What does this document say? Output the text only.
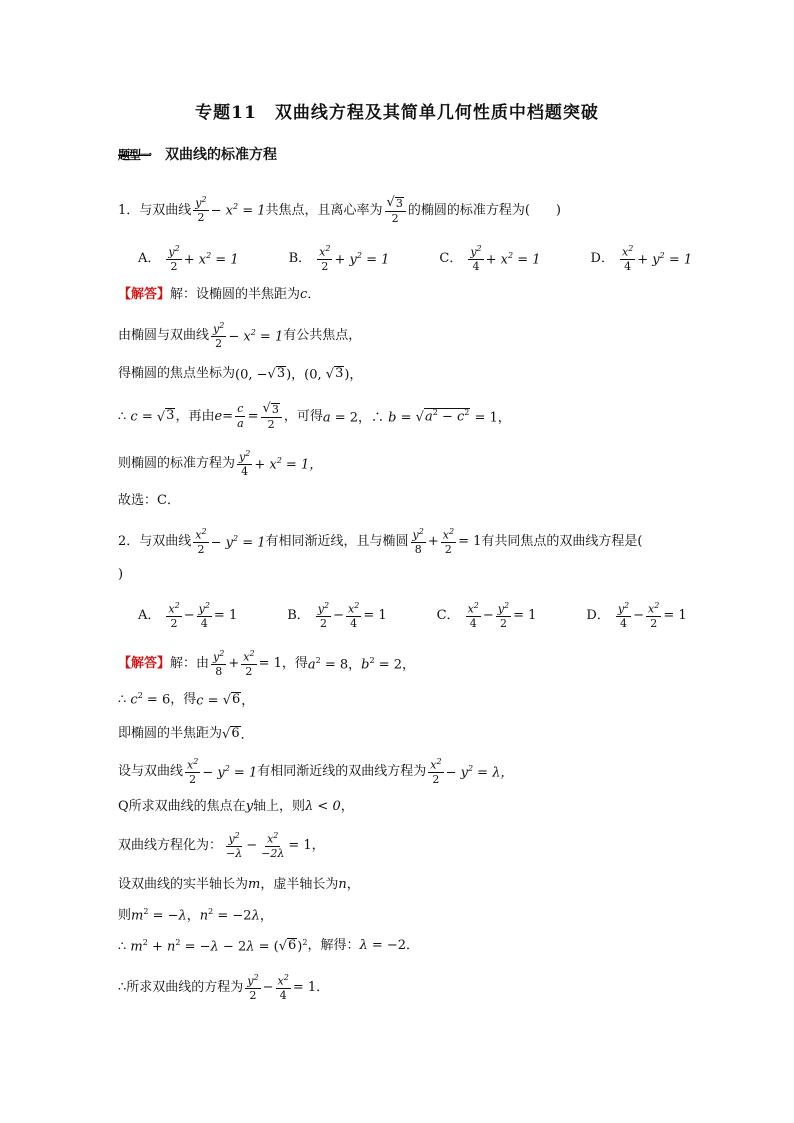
专题11　双曲线方程及其简单几何性质中档题突破
题型一 双曲线的标准方程
1． 与双曲线 $\frac{y^2}{2} - x^2 = 1$ 共焦点，且离心率为 $\frac{√ 3}{2}$ 的椭圆的标准方程为(　　)
A． $\frac{y^2}{2} + x^2 = 1$	B． $\frac{x^2}{2} + y^2 = 1$	C． $\frac{y^2}{4} + x^2 = 1$	D． $\frac{x^2}{4} + y^2 = 1$
【解答】 解：设椭圆的半焦距为 c ．
由椭圆与双曲线 $\frac{y^2}{2} - x^2 = 1$ 有公共焦点，
得椭圆的焦点坐标为 (0, − √ 3 )，(0, √ 3 )，
∴ c = √ 3 ，再由 $e = \frac{c}{a} = \frac{√ 3}{2}$ ，可得 a = 2，∴ b = √ $a^2 - c^2 = 1$，
则椭圆的标准方程为 $\frac{y^2}{4} + x^2 = 1$，
故选：C．
2． 与双曲线 $\frac{x^2}{2} - y^2 = 1$ 有相同渐近线，且与椭圆 $\frac{y^2}{8} + \frac{x^2}{2} = 1$ 有共同焦点的双曲线方程是(
)
A． $\frac{x^2}{2} - \frac{y^2}{4} = 1$	B． $\frac{y^2}{2} - \frac{x^2}{4} = 1$	C． $\frac{x^2}{4} - \frac{y^2}{2} = 1$	D． $\frac{y^2}{4} - \frac{x^2}{2} = 1$
【解答】 解：由 $\frac{y^2}{8} + \frac{x^2}{2} = 1$ ，得 $a^2 = 8$，$b^2 = 2$，
∴ $c^2 = 6$ ，得 c = √ 6 ，
即椭圆的半焦距为 √ 6 ．
设与双曲线 $\frac{x^2}{2} - y^2 = 1$ 有相同渐近线的双曲线方程为 $\frac{x^2}{2} - y^2 = \lambda$，
Q 所求双曲线的焦点在 y 轴上，则 λ < 0 ，
双曲线方程化为： $\frac{y^2}{-\lambda} - \frac{x^2}{-2\lambda} = 1$，
设双曲线的实半轴长为 m ，虚半轴长为 n ，
则 $m^2 = -\lambda$，$n^2 = -2\lambda$，
∴ $m^2 + n^2 = -\lambda - 2\lambda$ = ( √ 6 )$^2$ ，解得： λ = −2．
∴ 所求双曲线的方程为 $\frac{y^2}{2} - \frac{x^2}{4} = 1$．
